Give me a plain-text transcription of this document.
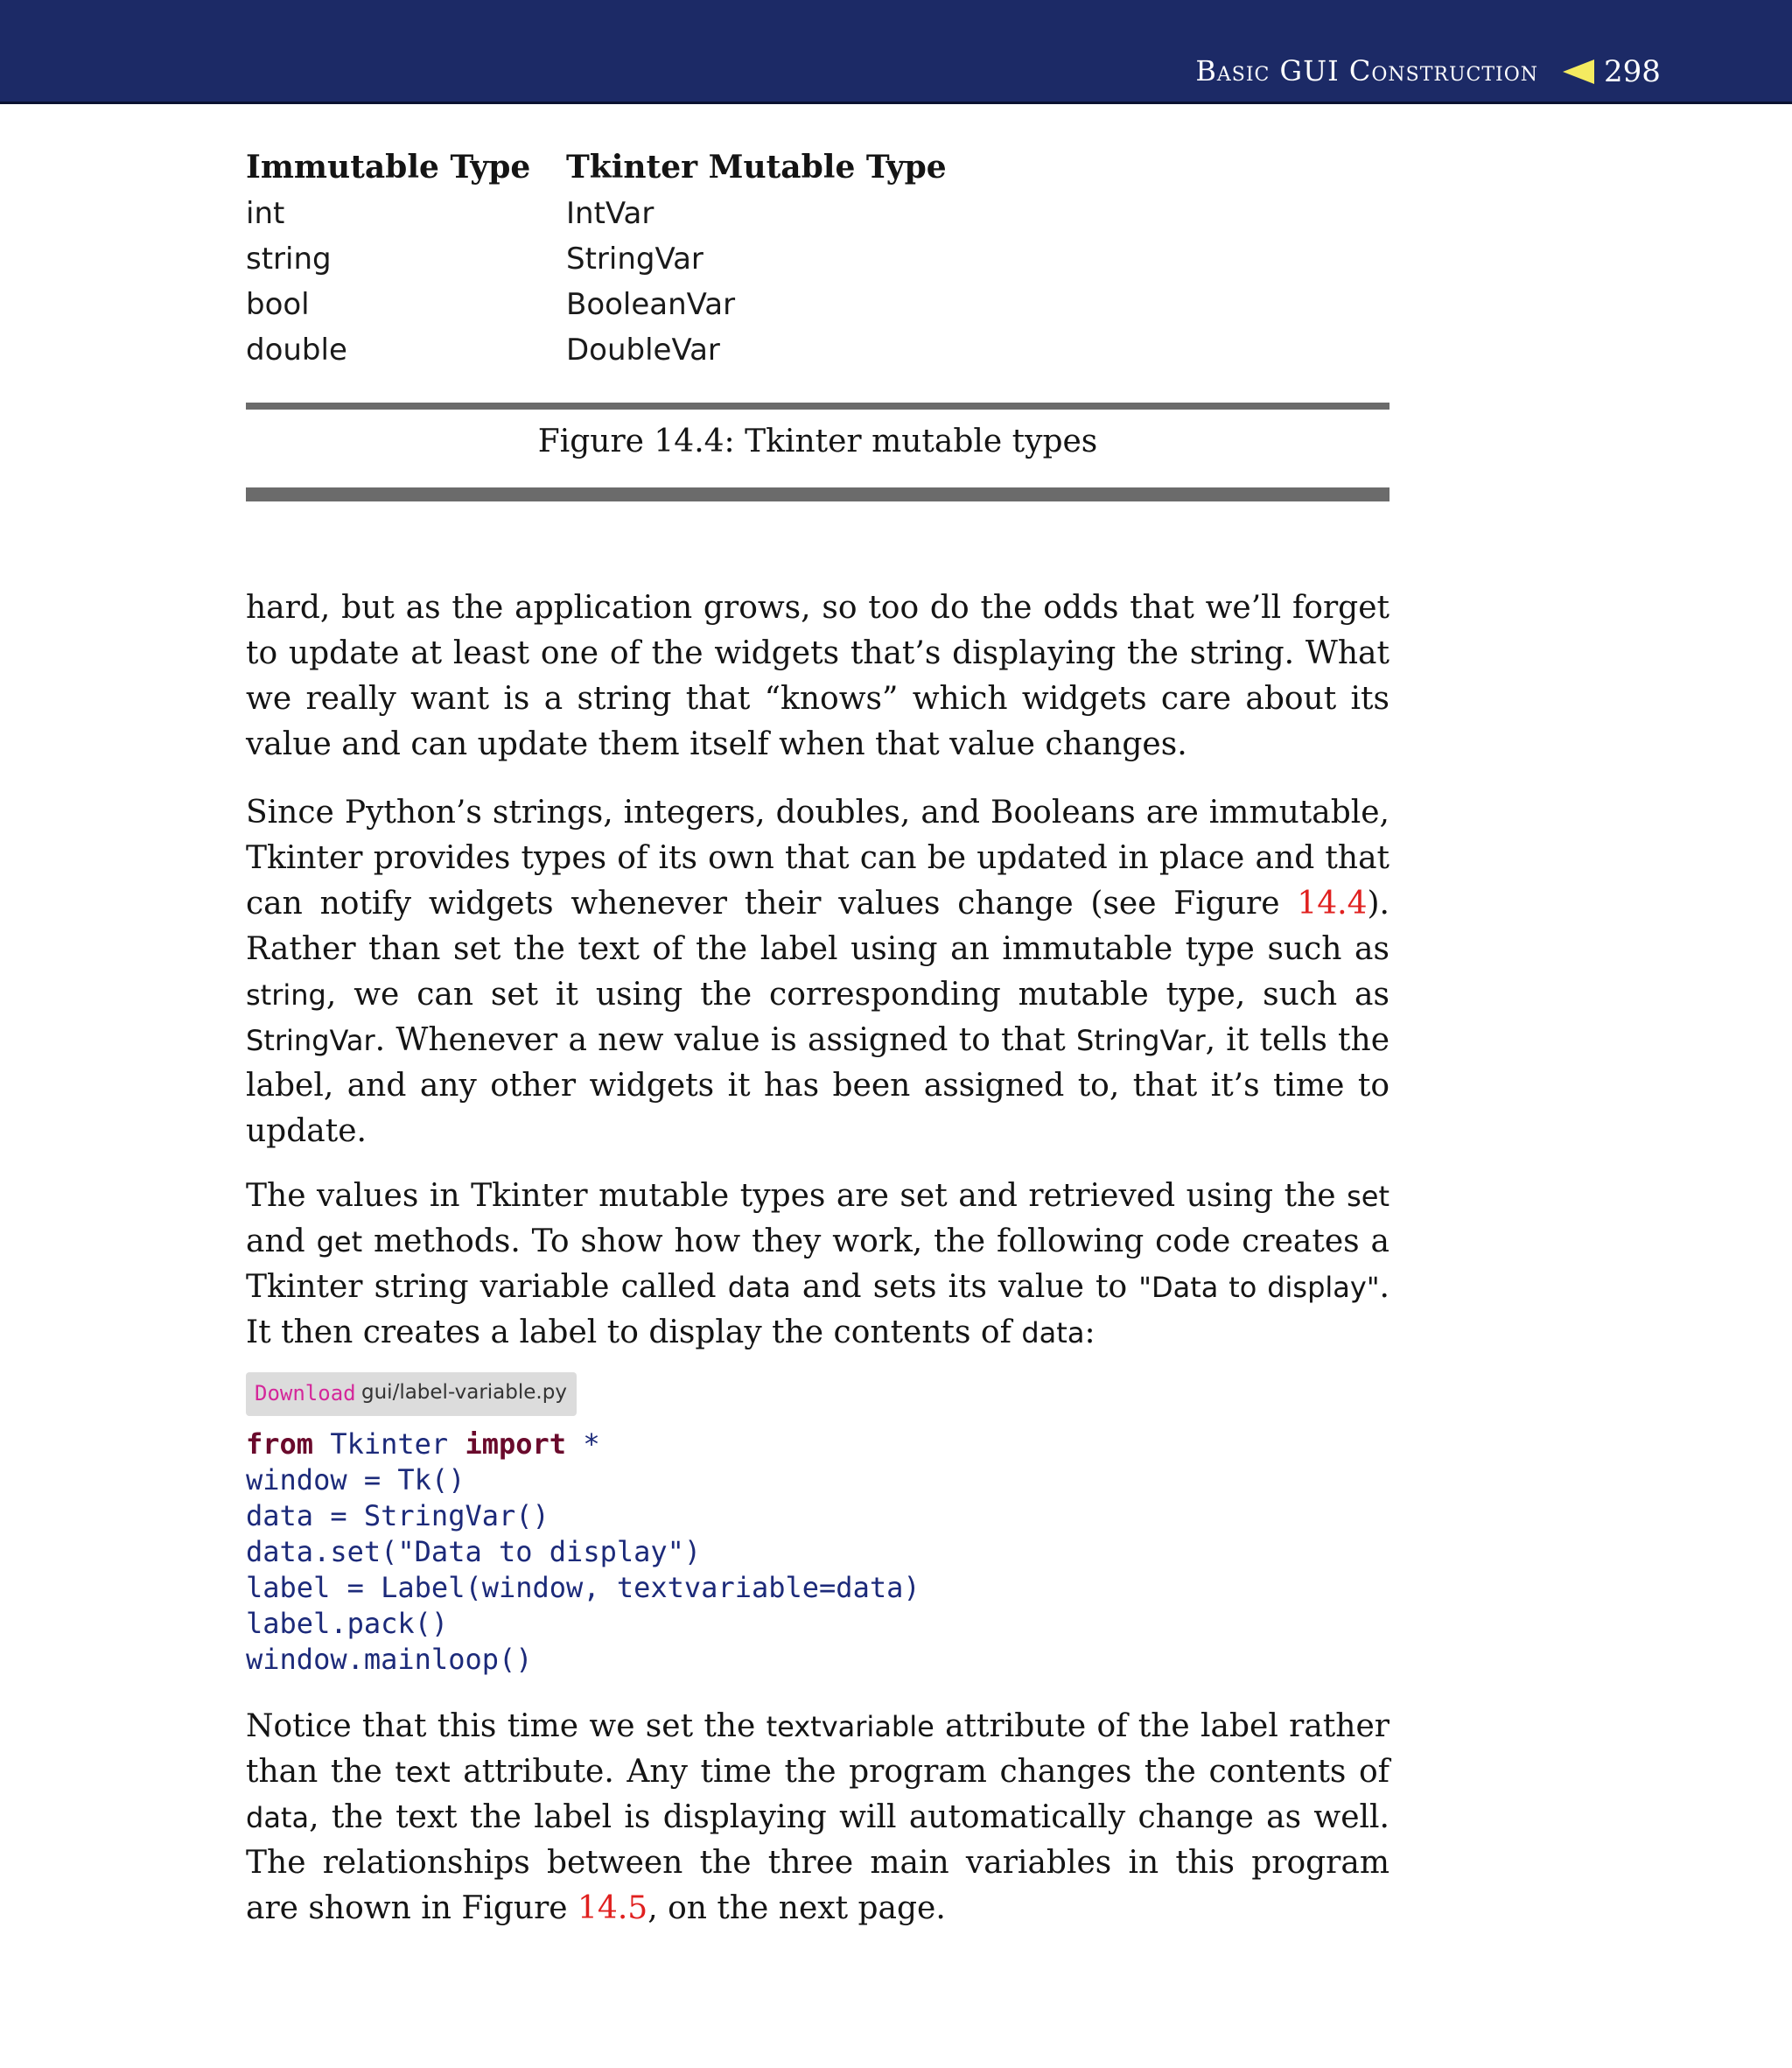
Basic GUI Construction 298
Immutable Type	Tkinter Mutable Type
int	IntVar
string	StringVar
bool	BooleanVar
double	DoubleVar
Figure 14.4: Tkinter mutable types

hard, but as the application grows, so too do the odds that we’ll forget to update at least one of the widgets that’s displaying the string. What we really want is a string that “knows” which widgets care about its value and can update them itself when that value changes.

Since Python’s strings, integers, doubles, and Booleans are immutable, Tkinter provides types of its own that can be updated in place and that can notify widgets whenever their values change (see Figure 14.4). Rather than set the text of the label using an immutable type such as string, we can set it using the corresponding mutable type, such as StringVar. Whenever a new value is assigned to that StringVar, it tells the label, and any other widgets it has been assigned to, that it’s time to update.

The values in Tkinter mutable types are set and retrieved using the set and get methods. To show how they work, the following code creates a Tkinter string variable called data and sets its value to "Data to display". It then creates a label to display the contents of data:

Download gui/label-variable.py
from Tkinter import *
window = Tk()
data = StringVar()
data.set("Data to display")
label = Label(window, textvariable=data)
label.pack()
window.mainloop()

Notice that this time we set the textvariable attribute of the label rather than the text attribute. Any time the program changes the contents of data, the text the label is displaying will automatically change as well. The relationships between the three main variables in this program are shown in Figure 14.5, on the next page.
